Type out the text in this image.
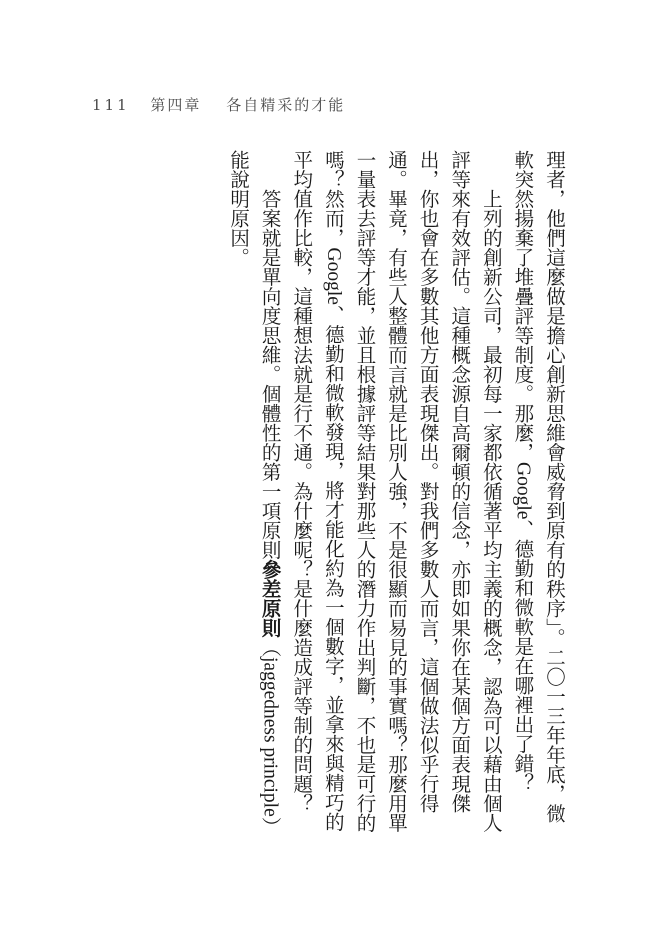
111 第四章 各自精采的才能

理者，他們這麼做是擔心創新思維會威脅到原有的秩序」。二〇一三年年底，微軟突然揚棄了堆疊評等制度。那麼，Google、德勤和微軟是在哪裡出了錯？

上列的創新公司，最初每一家都依循著平均主義的概念，認為可以藉由個人評等來有效評估。這種概念源自高爾頓的信念，亦即如果你在某個方面表現傑出，你也會在多數其他方面表現傑出。對我們多數人而言，這個做法似乎行得通。畢竟，有些人整體而言就是比別人強，不是很顯而易見的事實嗎？那麼用單一量表去評等才能，並且根據評等結果對那些人的潛力作出判斷，不也是可行的嗎？然而，Google、德勤和微軟發現，將才能化約為一個數字，並拿來與精巧的平均值作比較，這種想法就是行不通。為什麼呢？是什麼造成評等制的問題？

答案就是單向度思維。個體性的第一項原則參差原則（jaggedness principle）能說明原因。
